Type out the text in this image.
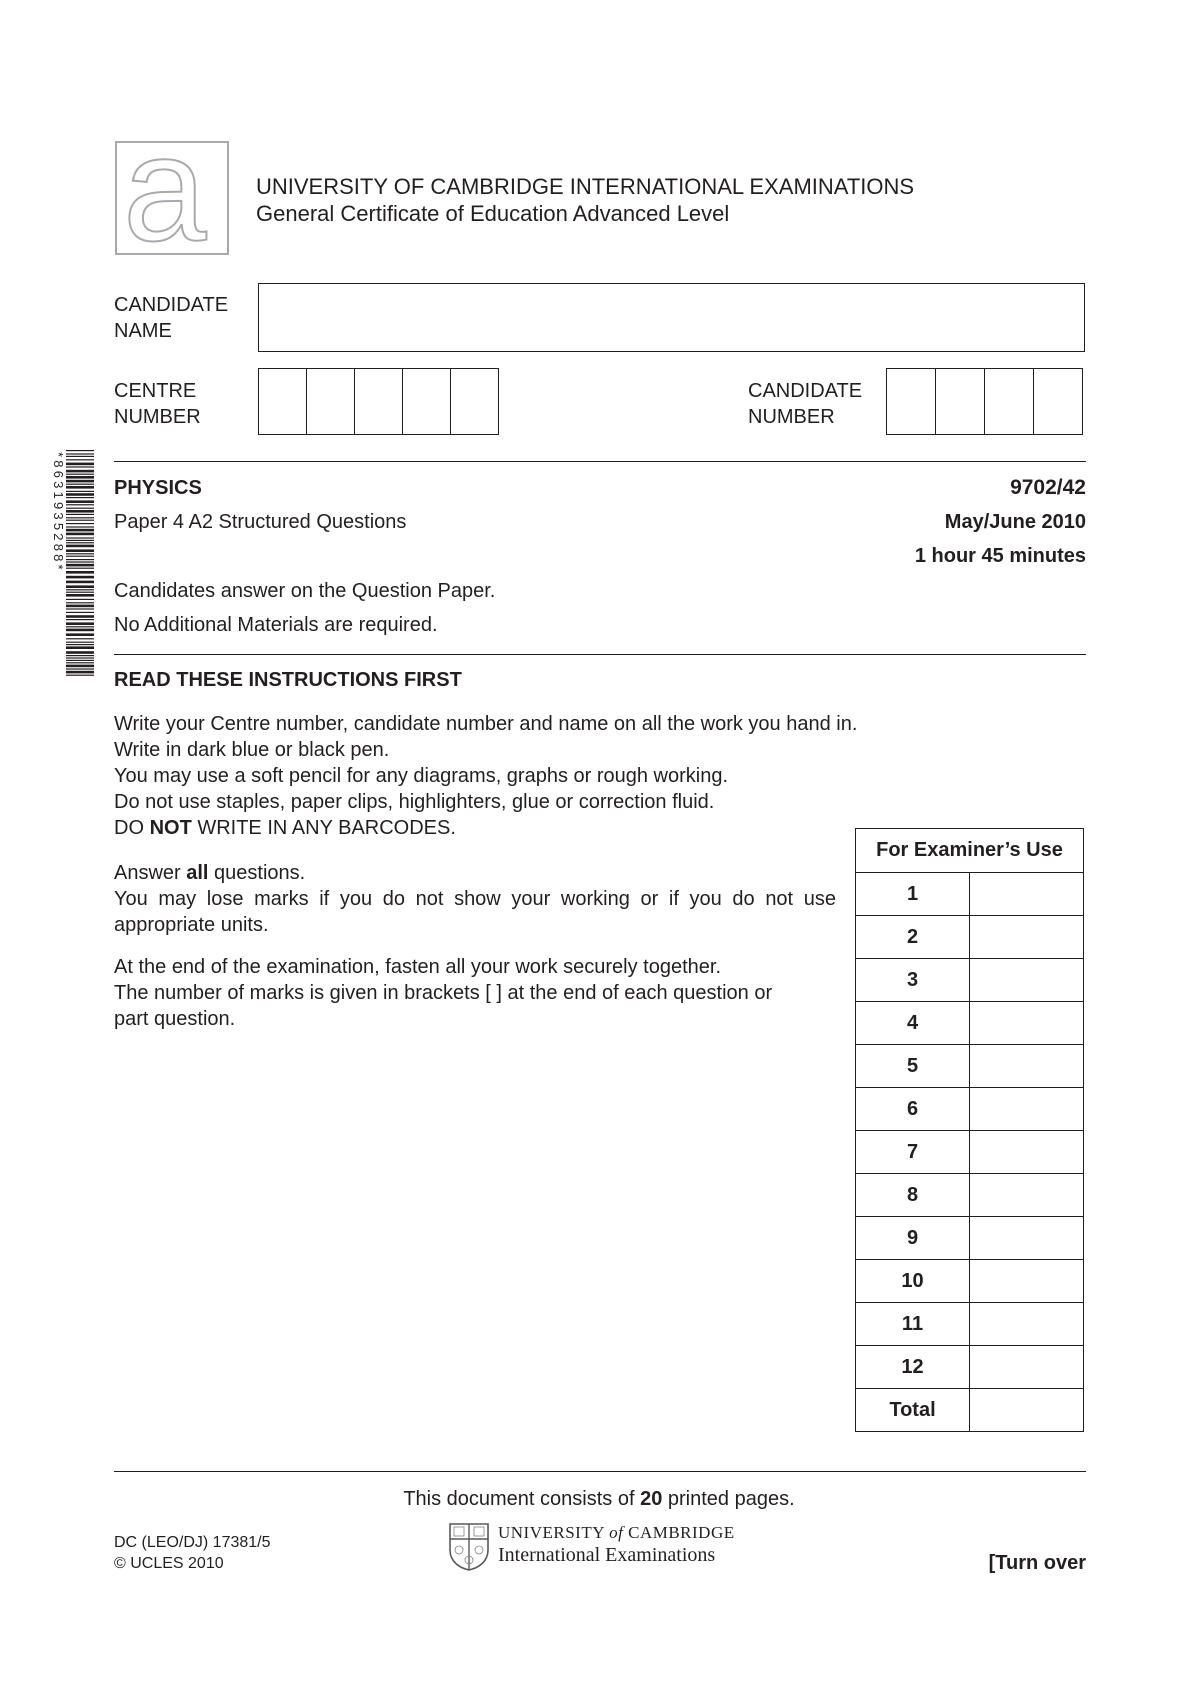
a UNIVERSITY OF CAMBRIDGE INTERNATIONAL EXAMINATIONS
General Certificate of Education Advanced Level
CANDIDATE
NAME
CENTRE
NUMBER
CANDIDATE
NUMBER
*8631935288* PHYSICS	9702/42
Paper 4 A2 Structured Questions	May/June 2010
1 hour 45 minutes
Candidates answer on the Question Paper.
No Additional Materials are required.
READ THESE INSTRUCTIONS FIRST
Write your Centre number, candidate number and name on all the work you hand in.
Write in dark blue or black pen.
You may use a soft pencil for any diagrams, graphs or rough working.
Do not use staples, paper clips, highlighters, glue or correction fluid.
DO NOT WRITE IN ANY BARCODES.
Answer all questions.
You may lose marks if you do not show your working or if you do not use
appropriate units.
At the end of the examination, fasten all your work securely together.
The number of marks is given in brackets [ ] at the end of each question or
part question.
For Examiner’s Use	
1	
2	
3	
4	
5	
6	
7	
8	
9	
10	
11	
12	
Total	
This document consists of 20 printed pages.
DC (LEO/DJ) 17381/5
© UCLES 2010
UNIVERSITY of CAMBRIDGE
International Examinations	[Turn over
